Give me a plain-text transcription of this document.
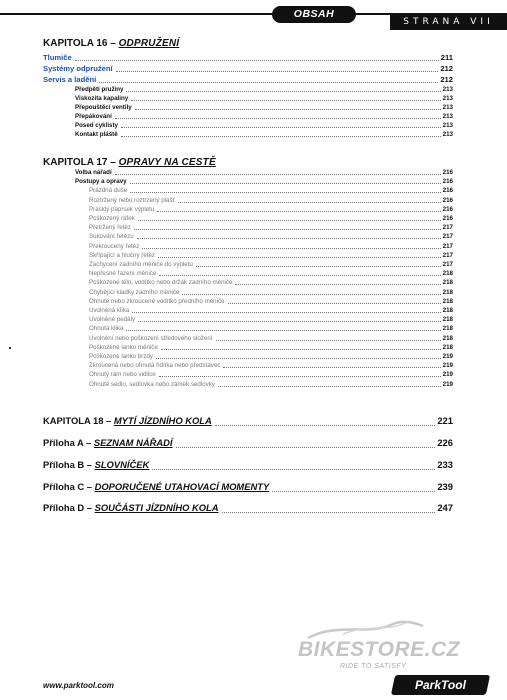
OBSAH
STRANA VII
KAPITOLA 16 – ODPRUŽENÍ
Tlumiče	211
Systémy odpružení	212
Servis a ladění	212
Předpětí pružiny	213
Viskozita kapaliny	213
Přepouštěcí ventily	213
Přepákování	213
Posed cyklisty	213
Kontakt pláště	213
KAPITOLA 17 – OPRAVY NA CESTĚ
Volba nářadí	216
Postupy a opravy	216
Prázdná duše	216
Roztržený nebo roztrzený plášť	216
Prasklý paprsek výpletu	216
Poškozený ráfek	216
Přetržený řetěz	217
Sukování řetězu	217
Překroucený řetěz	217
Skřípající a hlučný řetěz	217
Zachycení zadního měniče do výpletu	217
Nepřesné řazení měniče	218
Poškozené tělo, vodítko nebo držák zadního měniče	218
Chybějící kladky zadního měniče	218
Ohnuté nebo zkroucené vodítko předního měniče	218
Uvolněná klika	218
Uvolněné pedály	218
Ohnutá klika	218
Uvolnění nebo poškození středového složení	218
Poškozené lanko měniče	218
Poškozené lanko brzdy	219
Zkroucená nebo ohnutá řidítka nebo představec	219
Ohnutý rám nebo vidlice	219
Ohnuté sedlo, sedlovka nebo zámek sedlovky	219
KAPITOLA 18 – MYTÍ JÍZDNÍHO KOLA	221
Příloha A – SEZNAM NÁŘADÍ	226
Příloha B – SLOVNÍČEK	233
Příloha C – DOPORUČENÉ UTAHOVACÍ MOMENTY	239
Příloha D – SOUČÁSTI JÍZDNÍHO KOLA	247
BIKESTORE.CZ
RIDE TO SATISFY
www.parktool.com	ParkTool
